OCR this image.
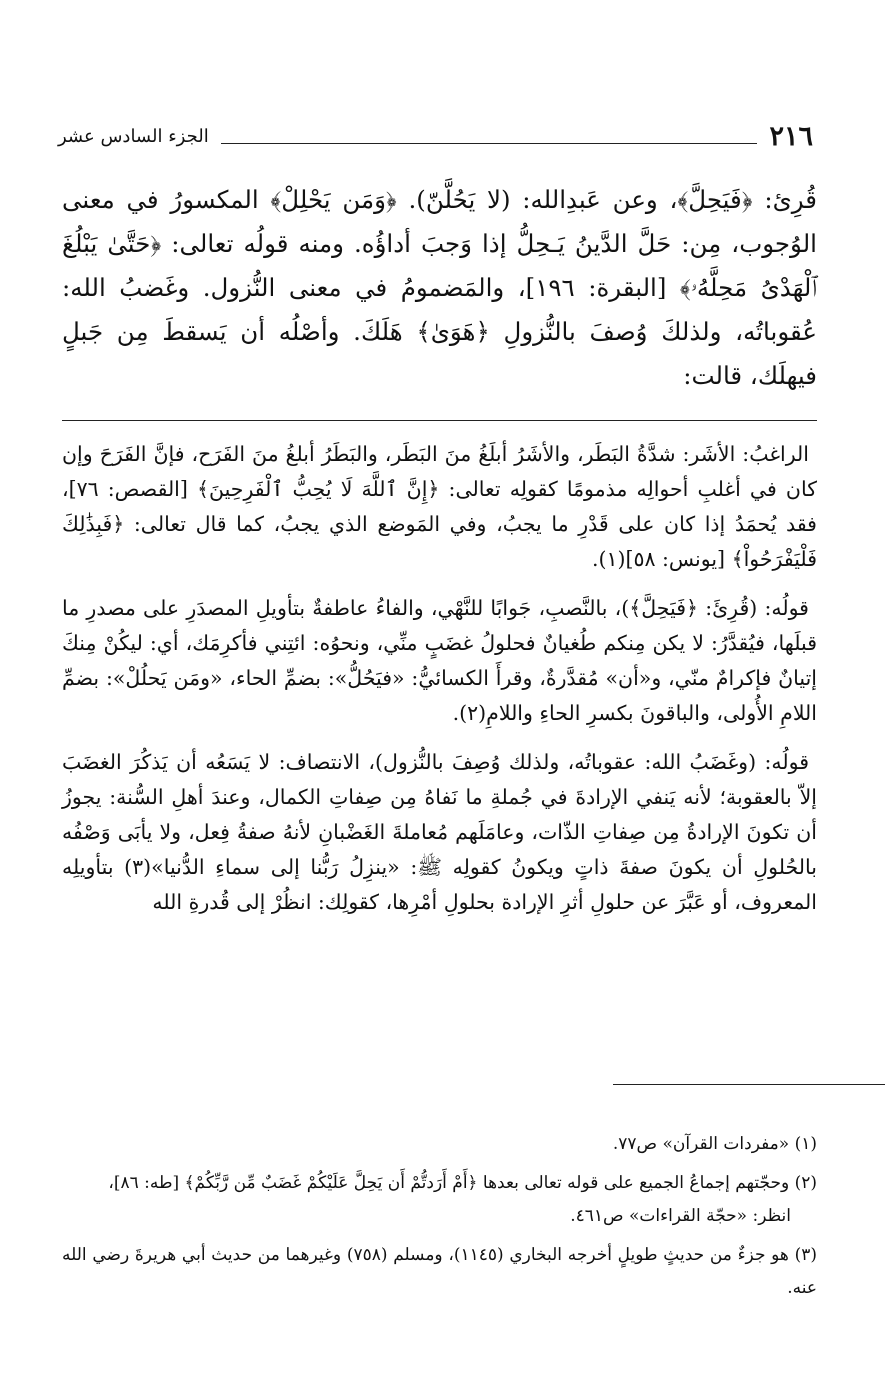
٢١٦
الجزء السادس عشر

قُرِئ: ﴿فَيَحِلَّ﴾، وعن عَبدِالله: (لا يَحُلَّنّ). ﴿وَمَن يَحْلِلْ﴾ المكسورُ في معنى الوُجوب، مِن: حَلَّ الدَّينُ يَـحِلُّ إذا وَجبَ أداؤُه. ومنه قولُه تعالى: ﴿حَتَّىٰ يَبْلُغَ ٱلْهَدْىُ مَحِلَّهُۥ﴾ [البقرة: ١٩٦]، والمَضمومُ في معنى النُّزول. وغَضبُ الله: عُقوباتُه، ولذلكَ وُصفَ بالنُّزولِ ﴿هَوَىٰ﴾ هَلَكَ. وأصْلُه أن يَسقطَ مِن جَبلٍ فيهلَك، قالت:

الراغبُ: الأشَر: شدَّةُ البَطَر، والأشَرُ أبلَغُ منَ البَطَر، والبَطَرُ أبلغُ منَ الفَرَح، فإنَّ الفَرَحَ وإن كان في أغلبِ أحوالِه مذمومًا كقولِه تعالى: ﴿إِنَّ ٱللَّهَ لَا يُحِبُّ ٱلْفَرِحِينَ﴾ [القصص: ٧٦]، فقد يُحمَدُ إذا كان على قَدْرِ ما يجبُ، وفي المَوضع الذي يجبُ، كما قال تعالى: ﴿فَبِذَٰلِكَ فَلْيَفْرَحُواْ﴾ [يونس: ٥٨](١).

قولُه: (قُرِئَ: ﴿فَيَحِلَّ﴾)، بالنَّصبِ، جَوابًا للنَّهْي، والفاءُ عاطفةٌ بتأويلِ المصدَرِ على مصدرِ ما قبلَها، فيُقدَّرُ: لا يكن مِنكم طُغيانٌ فحلولُ غضَبٍ منِّي، ونحوُه: ائتِني فأكرِمَك، أي: ليكُنْ مِنكَ إتيانٌ فإكرامٌ منّي، و«أن» مُقدَّرةٌ، وقرأَ الكسائيُّ: «فيَحُلُّ»: بضمِّ الحاء، «ومَن يَحلُلْ»: بضمِّ اللامِ الأُولى، والباقونَ بكسرِ الحاءِ واللامِ(٢).

قولُه: (وغَضَبُ الله: عقوباتُه، ولذلك وُصِفَ بالنُّزول)، الانتصاف: لا يَسَعُه أن يَذكُرَ الغضَبَ إلاّ بالعقوبة؛ لأنه يَنفي الإرادةَ في جُملةِ ما نَفاهُ مِن صِفاتِ الكمال، وعندَ أهلِ السُّنة: يجوزُ أن تكونَ الإرادةُ مِن صِفاتِ الذّات، وعامَلَهم مُعاملةَ الغَضْبانِ لأنهُ صفةُ فِعل، ولا يأبَى وَصْفُه بالحُلولِ أن يكونَ صفةَ ذاتٍ ويكونُ كقولِه ﷺ: «ينزِلُ رَبُّنا إلى سماءِ الدُّنيا»(٣) بتأويلِه المعروف، أو عَبَّرَ عن حلولِ أثرِ الإرادة بحلولِ أمْرِها، كقولِك: انظُرْ إلى قُدرةِ الله

(١) «مفردات القرآن» ص٧٧.

(٢) وحجّتهم إجماعُ الجميع على قوله تعالى بعدها ﴿أَمْ أَرَدتُّمْ أَن يَحِلَّ عَلَيْكُمْ غَضَبٌ مِّن رَّبِّكُمْ﴾ [طه: ٨٦]،
انظر: «حجّة القراءات» ص٤٦١.

(٣) هو جزءٌ من حديثٍ طويلٍ أخرجه البخاري (١١٤٥)، ومسلم (٧٥٨) وغيرهما من حديث أبي هريرةَ رضي الله عنه.
